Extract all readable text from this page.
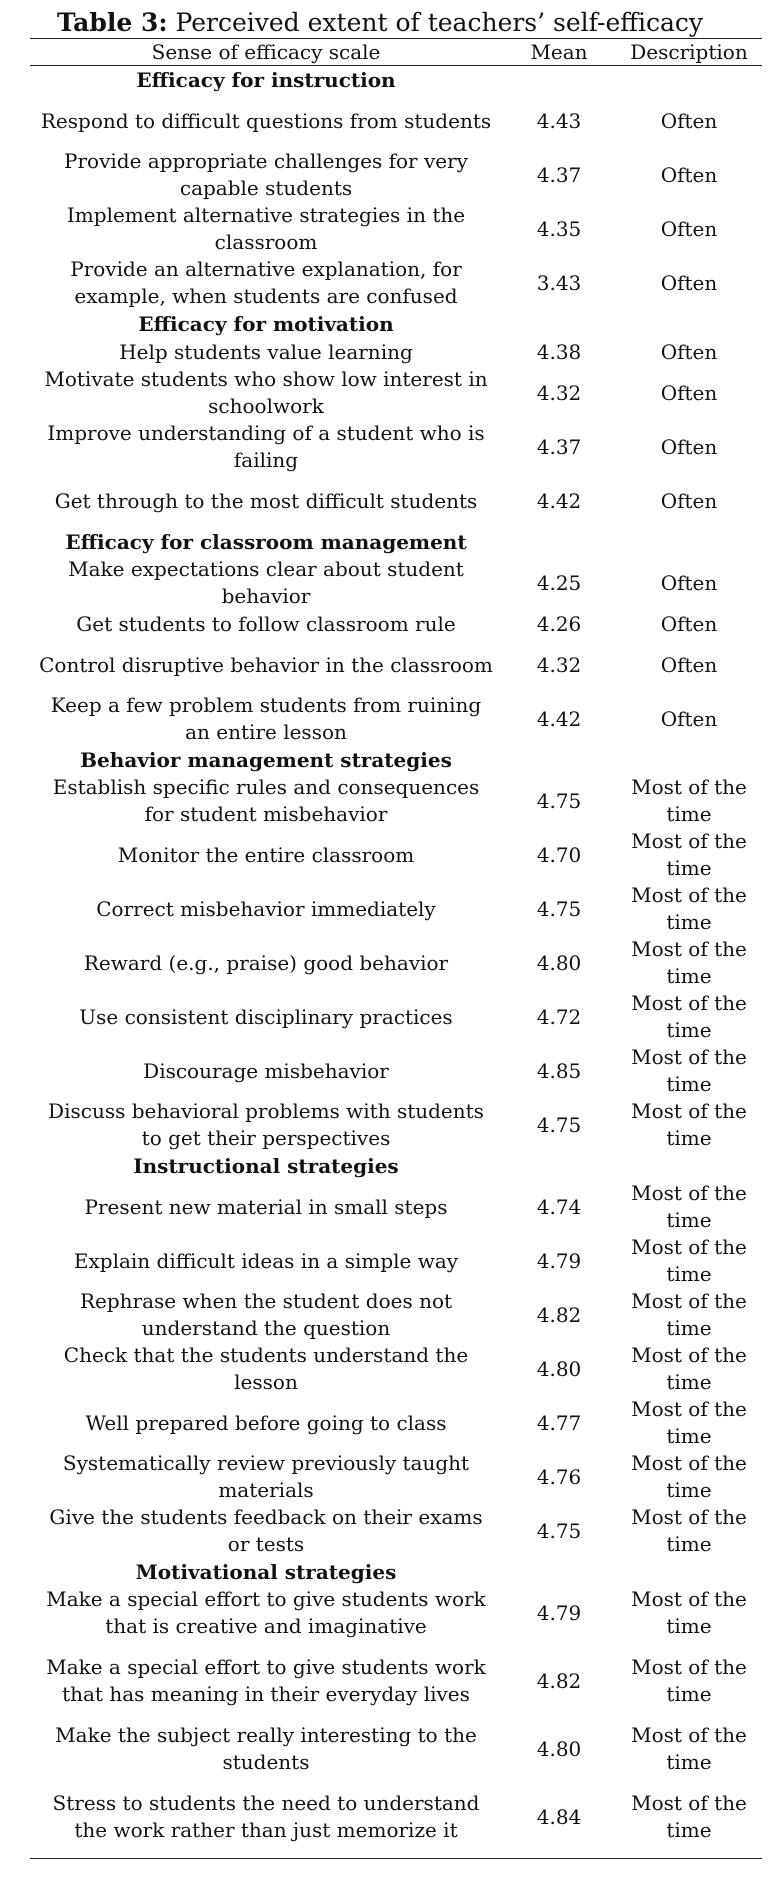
Table 3: Perceived extent of teachers’ self-efficacy
Sense of efficacy scale	Mean	Description
Efficacy for instruction		
Respond to difficult questions from students	4.43	Often
Provide appropriate challenges for very capable students	4.37	Often
Implement alternative strategies in the classroom	4.35	Often
Provide an alternative explanation, for example, when students are confused	3.43	Often
Efficacy for motivation		
Help students value learning	4.38	Often
Motivate students who show low interest in schoolwork	4.32	Often
Improve understanding of a student who is failing	4.37	Often
Get through to the most difficult students	4.42	Often
Efficacy for classroom management		
Make expectations clear about student behavior	4.25	Often
Get students to follow classroom rule	4.26	Often
Control disruptive behavior in the classroom	4.32	Often
Keep a few problem students from ruining an entire lesson	4.42	Often
Behavior management strategies		
Establish specific rules and consequences for student misbehavior	4.75	Most of the time
Monitor the entire classroom	4.70	Most of the time
Correct misbehavior immediately	4.75	Most of the time
Reward (e.g., praise) good behavior	4.80	Most of the time
Use consistent disciplinary practices	4.72	Most of the time
Discourage misbehavior	4.85	Most of the time
Discuss behavioral problems with students to get their perspectives	4.75	Most of the time
Instructional strategies		
Present new material in small steps	4.74	Most of the time
Explain difficult ideas in a simple way	4.79	Most of the time
Rephrase when the student does not understand the question	4.82	Most of the time
Check that the students understand the lesson	4.80	Most of the time
Well prepared before going to class	4.77	Most of the time
Systematically review previously taught materials	4.76	Most of the time
Give the students feedback on their exams or tests	4.75	Most of the time
Motivational strategies		
Make a special effort to give students work that is creative and imaginative	4.79	Most of the time
Make a special effort to give students work that has meaning in their everyday lives	4.82	Most of the time
Make the subject really interesting to the students	4.80	Most of the time
Stress to students the need to understand the work rather than just memorize it	4.84	Most of the time
